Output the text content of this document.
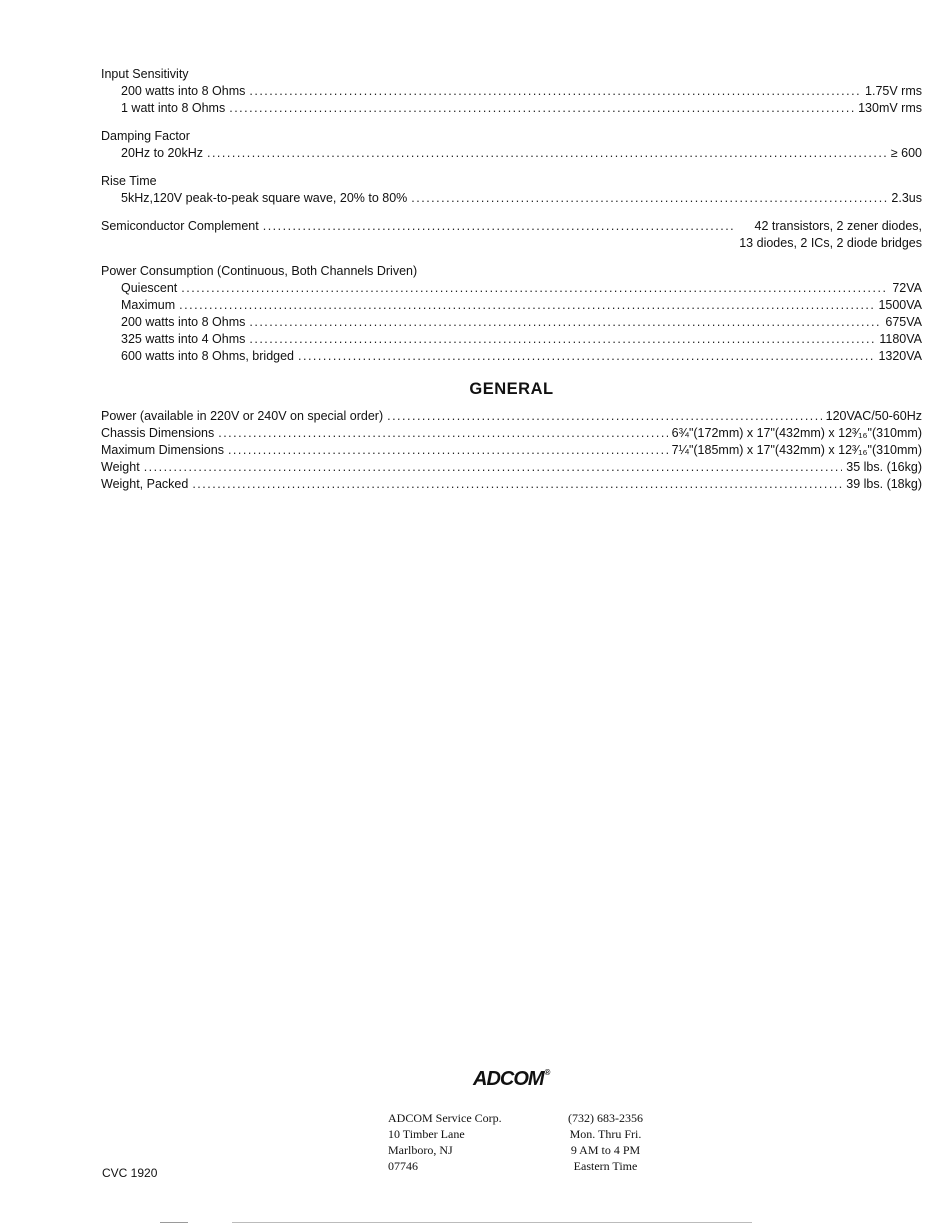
Input Sensitivity
200 watts into 8 Ohms .....	1.75V rms
1 watt into 8 Ohms .....	130mV rms
Damping Factor
20Hz to 20kHz .....	≥ 600
Rise Time
5kHz,120V peak-to-peak square wave, 20% to 80% .....	2.3us
Semiconductor Complement .....	42 transistors, 2 zener diodes,
13 diodes, 2 ICs, 2 diode bridges
Power Consumption (Continuous, Both Channels Driven)
Quiescent .....	72VA
Maximum .....	1500VA
200 watts into 8 Ohms .....	675VA
325 watts into 4 Ohms .....	1180VA
600 watts into 8 Ohms, bridged .....	1320VA
GENERAL
Power (available in 220V or 240V on special order) .....	120VAC/50-60Hz
Chassis Dimensions .....	6¾"(172mm) x 17"(432mm) x 12³⁄₁₆"(310mm)
Maximum Dimensions .....	7¼"(185mm) x 17"(432mm) x 12³⁄₁₆"(310mm)
Weight .....	35 lbs. (16kg)
Weight, Packed .....	39 lbs. (18kg)
ADCOM®
ADCOM Service Corp.
10 Timber Lane
Marlboro, NJ
07746
(732) 683-2356
Mon. Thru Fri.
9 AM to 4 PM
Eastern Time
CVC 1920
